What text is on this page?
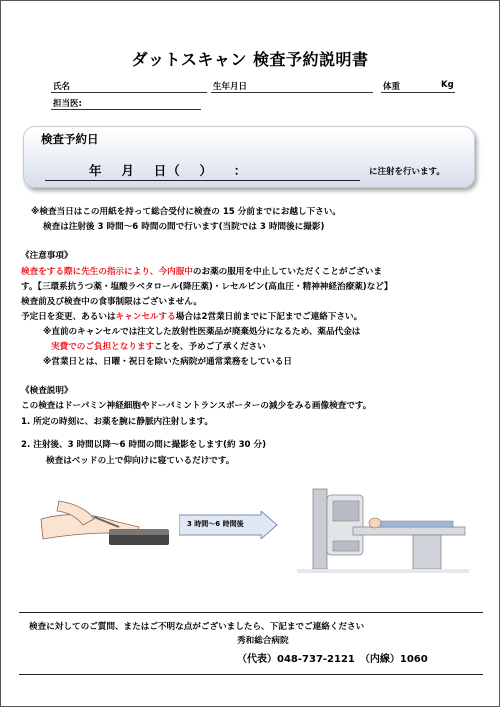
ダットスキャン 検査予約説明書
氏名	生年月日	体重	Kg
担当医:
検査予約日
年　 月　 日（　 ）　　：	に注射を行います。
※検査当日はこの用紙を持って総合受付に検査の 15 分前までにお越し下さい。
検査は注射後 3 時間～6 時間の間で行います(当院では 3 時間後に撮影)
《注意事項》
検査をする際に先生の指示により、今内服中のお薬の服用を中止していただくことがございま
す。【三環系抗うつ薬・塩酸ラベタロール(降圧薬)・レセルピン(高血圧・精神神経治療薬)など】
検査前及び検査中の食事制限はございません。
予定日を変更、あるいはキャンセルする場合は2営業日前までに下記までご連絡下さい。
※直前のキャンセルでは注文した放射性医薬品が廃棄処分になるため、薬品代金は
実費でのご負担となりますことを、予めご了承ください
※営業日とは、日曜・祝日を除いた病院が通常業務をしている日
《検査説明》
この検査はドーパミン神経細胞やドーパミントランスポーターの減少をみる画像検査です。
1. 所定の時刻に、お薬を腕に静脈内注射します。
2. 注射後、3 時間以降～6 時間の間に撮影をします(約 30 分)
検査はベッドの上で仰向けに寝ているだけです。
3 時間～6 時間後
検査に対してのご質問、またはご不明な点がございましたら、下記までご連絡ください
秀和総合病院
（代表）048-737-2121　（内線）1060
